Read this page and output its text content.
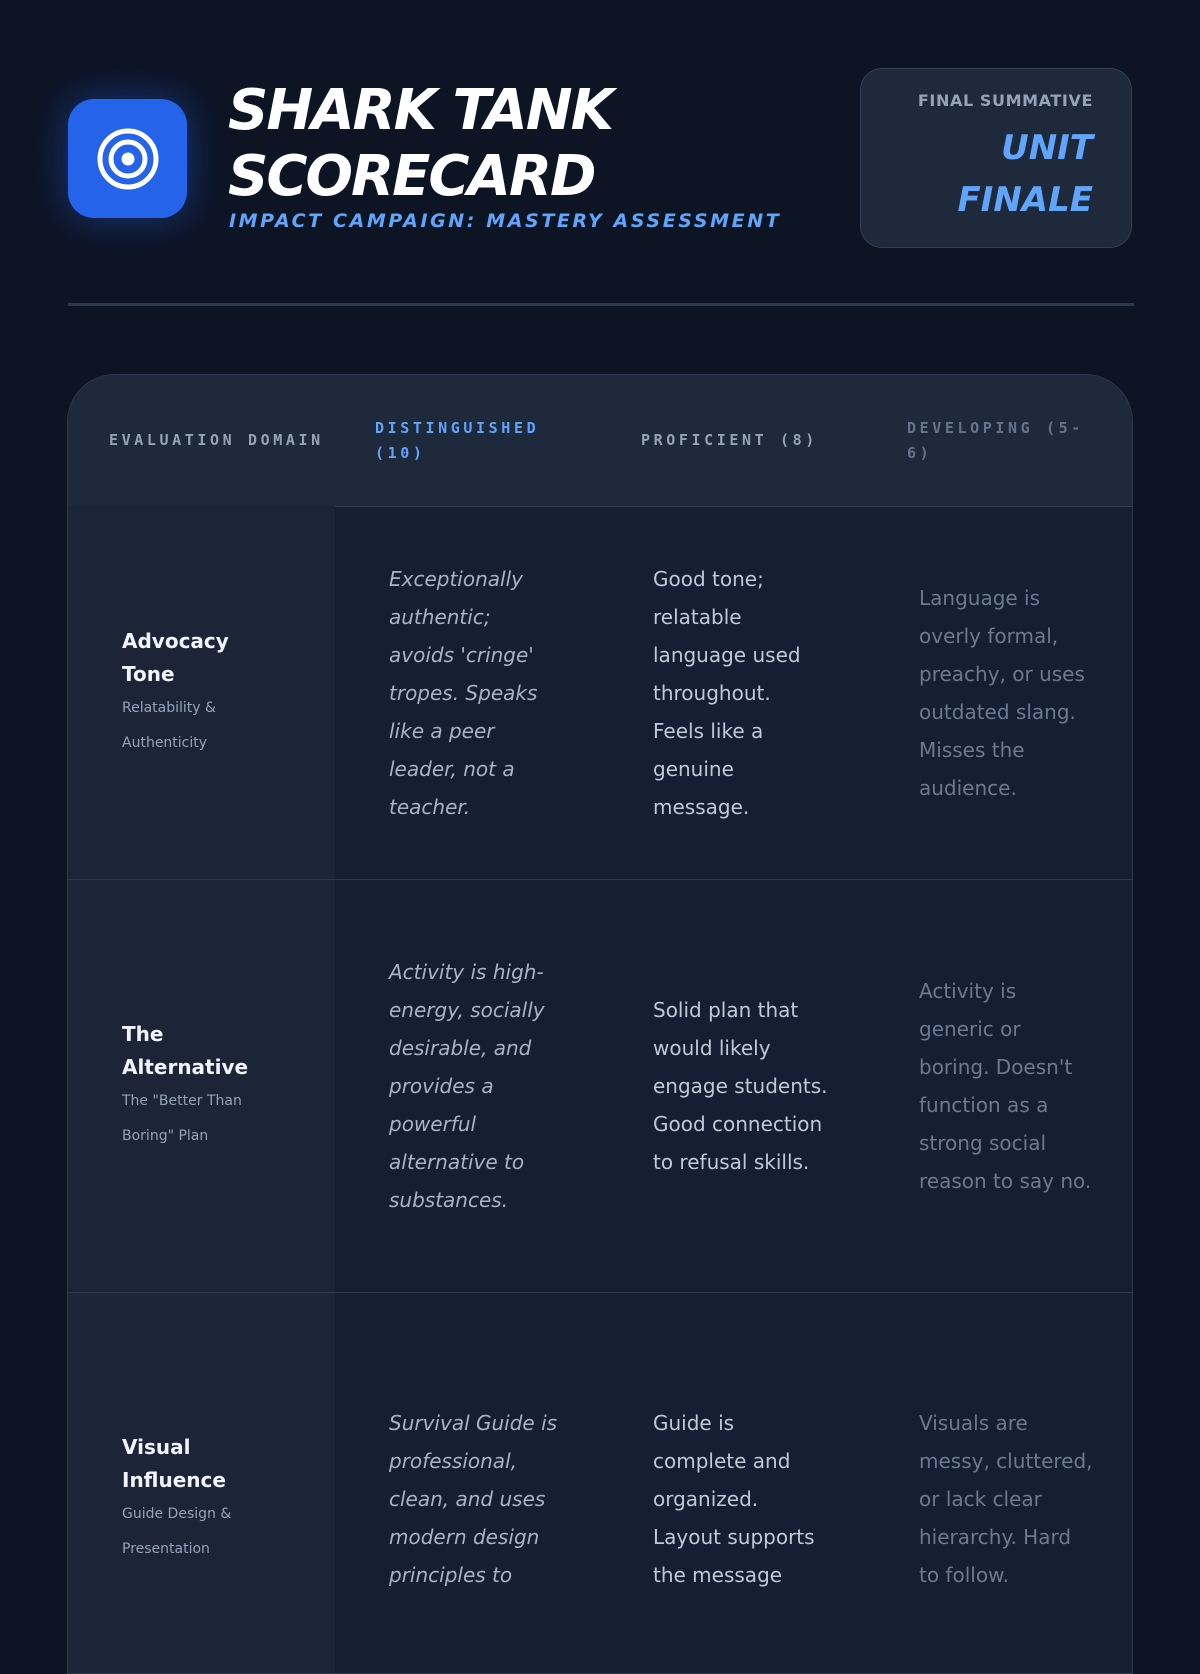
SHARK TANK
SCORECARD
IMPACT CAMPAIGN: MASTERY ASSESSMENT
FINAL SUMMATIVE
UNIT
FINALE
EVALUATION DOMAIN
DISTINGUISHED (10)
PROFICIENT (8)
DEVELOPING (5-6)
Advocacy Tone
Relatability & Authenticity
Exceptionally authentic; avoids 'cringe' tropes. Speaks like a peer leader, not a teacher.
Good tone; relatable language used throughout. Feels like a genuine message.
Language is overly formal, preachy, or uses outdated slang. Misses the audience.
The Alternative
The "Better Than Boring" Plan
Activity is high-energy, socially desirable, and provides a powerful alternative to substances.
Solid plan that would likely engage students. Good connection to refusal skills.
Activity is generic or boring. Doesn't function as a strong social reason to say no.
Visual Influence
Guide Design & Presentation
Survival Guide is professional, clean, and uses modern design principles to
Guide is complete and organized. Layout supports the message
Visuals are messy, cluttered, or lack clear hierarchy. Hard to follow.
